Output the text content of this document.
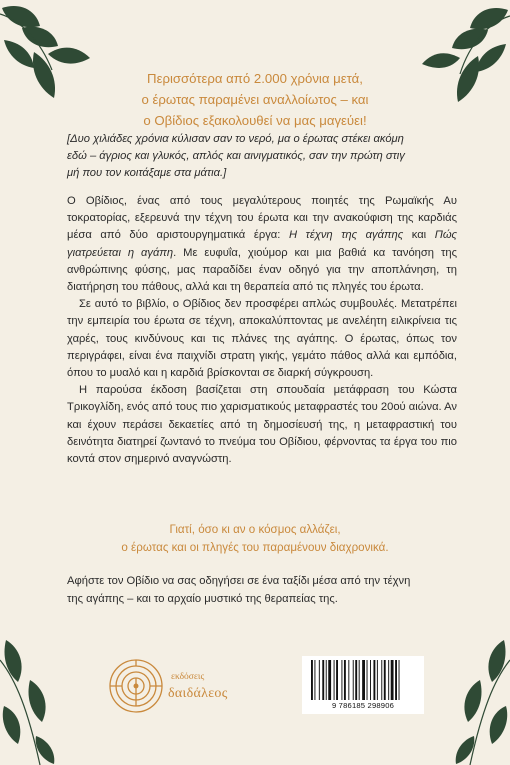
Περισσότερα από 2.000 χρόνια μετά,
ο έρωτας παραμένει αναλλοίωτος – και
ο Οβίδιος εξακολουθεί να μας μαγεύει!
[Δυο χιλιάδες χρόνια κύλισαν σαν το νερό, μα ο έρωτας στέκει ακόμη
εδώ – άγριος και γλυκός, απλός και αινιγματικός, σαν την πρώτη στιγ
μή που τον κοιτάξαμε στα μάτια.]

Ο Οβίδιος, ένας από τους μεγαλύτερους ποιητές της Ρωμαϊκής Αυ τοκρατορίας, εξερευνά την τέχνη του έρωτα και την ανακούφιση της καρδιάς μέσα από δύο αριστουργηματικά έργα: Η τέχνη της αγάπης και Πώς γιατρεύεται η αγάπη. Με ευφυΐα, χιούμορ και μια βαθιά κα τανόηση της ανθρώπινης φύσης, μας παραδίδει έναν οδηγό για την αποπλάνηση, τη διατήρηση του πάθους, αλλά και τη θεραπεία από τις πληγές του έρωτα.

Σε αυτό το βιβλίο, ο Οβίδιος δεν προσφέρει απλώς συμβουλές. Μετατρέπει την εμπειρία του έρωτα σε τέχνη, αποκαλύπτοντας με ανελέητη ειλικρίνεια τις χαρές, τους κινδύνους και τις πλάνες της αγάπης. Ο έρωτας, όπως τον περιγράφει, είναι ένα παιχνίδι στρατη γικής, γεμάτο πάθος αλλά και εμπόδια, όπου το μυαλό και η καρδιά βρίσκονται σε διαρκή σύγκρουση.

Η παρούσα έκδοση βασίζεται στη σπουδαία μετάφραση του Κώστα Τρικογλίδη, ενός από τους πιο χαρισματικούς μεταφραστές του 20ού αιώνα. Αν και έχουν περάσει δεκαετίες από τη δημοσίευσή της, η μεταφραστική του δεινότητα διατηρεί ζωντανό το πνεύμα του Οβίδιου, φέρνοντας τα έργα του πιο κοντά στον σημερινό αναγνώστη.

Γιατί, όσο κι αν ο κόσμος αλλάζει,
ο έρωτας και οι πληγές του παραμένουν διαχρονικά.
Αφήστε τον Οβίδιο να σας οδηγήσει σε ένα ταξίδι μέσα από την τέχνη
της αγάπης – και το αρχαίο μυστικό της θεραπείας της.
εκδόσεις
δαιδάλεος
9 786185 298906
